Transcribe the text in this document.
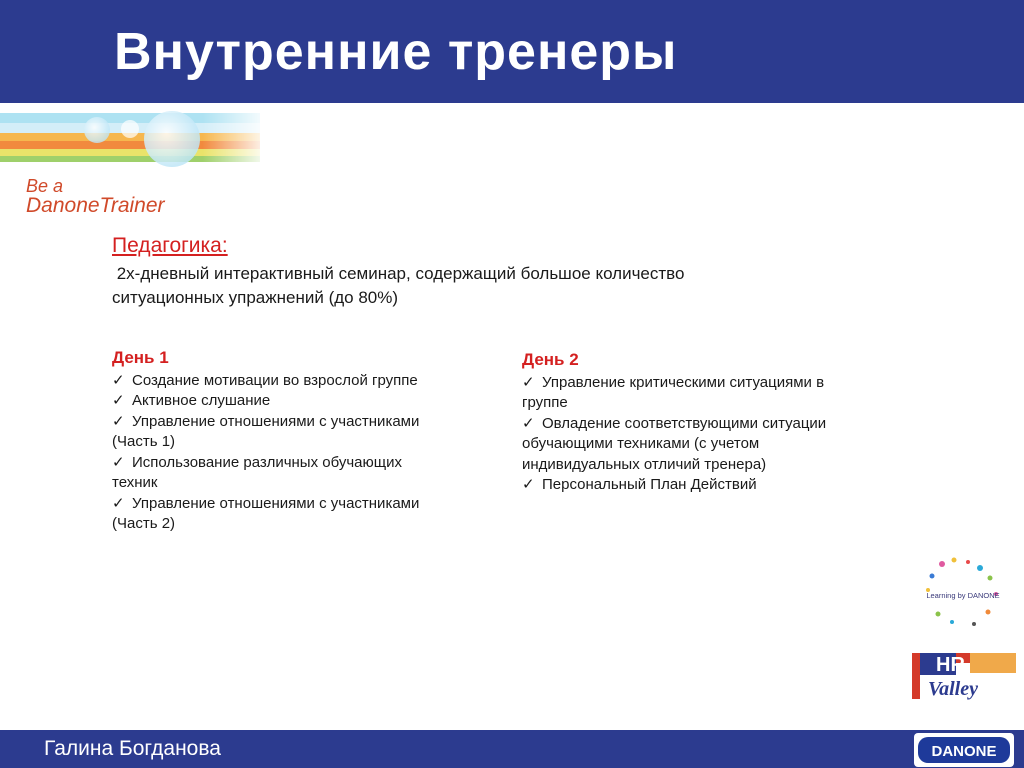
Внутренние тренеры
Be a
DanoneTrainer
Педагогика:
2х-дневный интерактивный семинар, содержащий большое количество
ситуационных упражнений (до 80%)
День 1
✓ Создание мотивации во взрослой группе
✓ Активное слушание
✓ Управление отношениями с участниками
(Часть 1)
✓ Использование различных обучающих
техник
✓ Управление отношениями с участниками
(Часть 2)
День 2
✓ Управление критическими ситуациями в
группе
✓ Овладение соответствующими ситуации
обучающими техниками (с учетом
индивидуальных отличий тренера)
✓ Персональный План Действий
Learning by DANONE
HR
Valley
Галина Богданова	DANONE
